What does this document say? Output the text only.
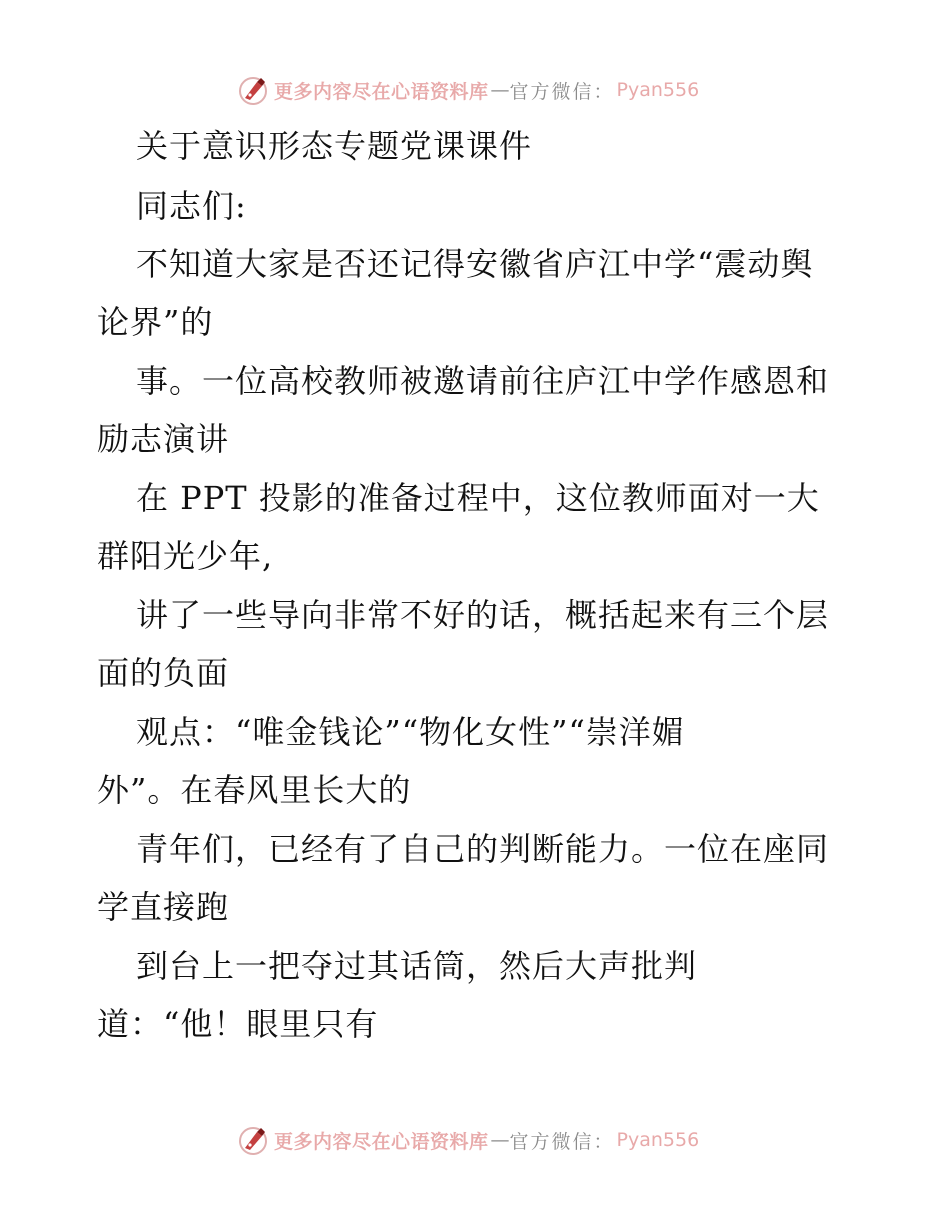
更多内容尽在心语资料库 — 官方微信： Pyan556
关于意识形态专题党课课件
同志们:
不知道大家是否还记得安徽省庐江中学“震动舆
论界”的
事。一位高校教师被邀请前往庐江中学作感恩和
励志演讲
在 PPT 投影的准备过程中，这位教师面对一大
群阳光少年,
讲了一些导向非常不好的话，概括起来有三个层
面的负面
观点：“唯金钱论”“物化女性”“崇洋媚
外”。在春风里长大的
青年们，已经有了自己的判断能力。一位在座同
学直接跑
到台上一把夺过其话筒，然后大声批判
道：“他！眼里只有
更多内容尽在心语资料库 — 官方微信： Pyan556
